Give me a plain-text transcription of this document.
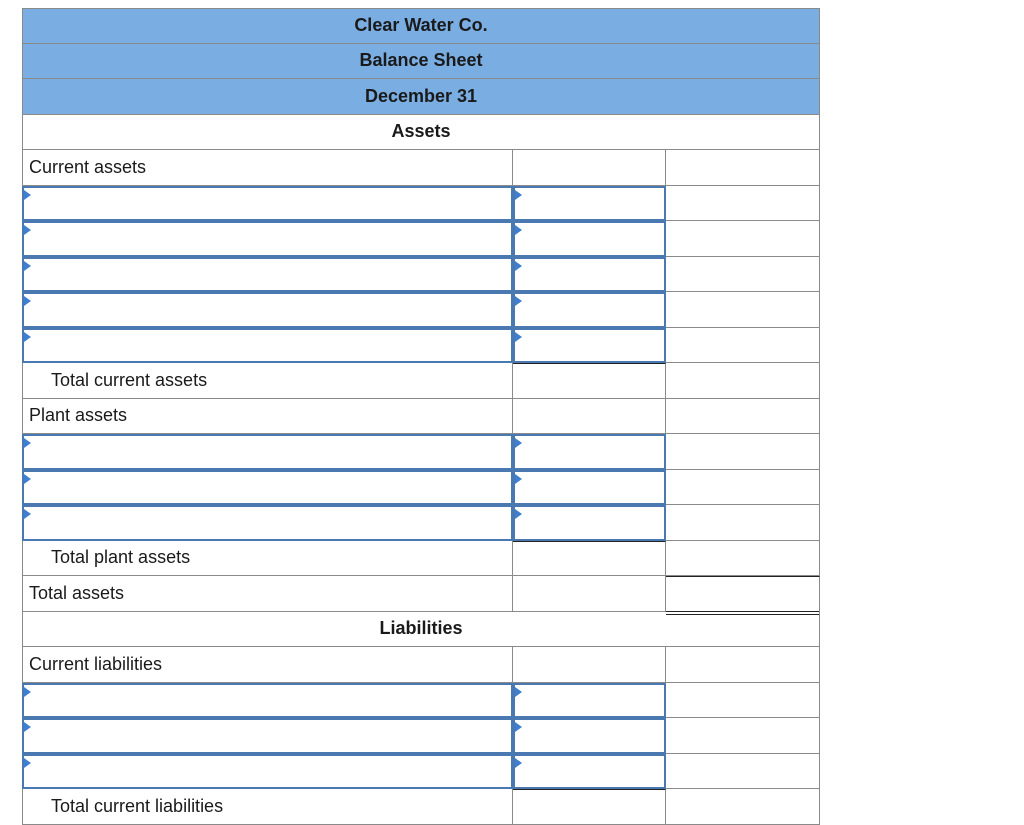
Clear Water Co.
Balance Sheet
December 31
Assets
Current assets
Total current assets
Plant assets
Total plant assets
Total assets
Liabilities
Current liabilities
Total current liabilities
